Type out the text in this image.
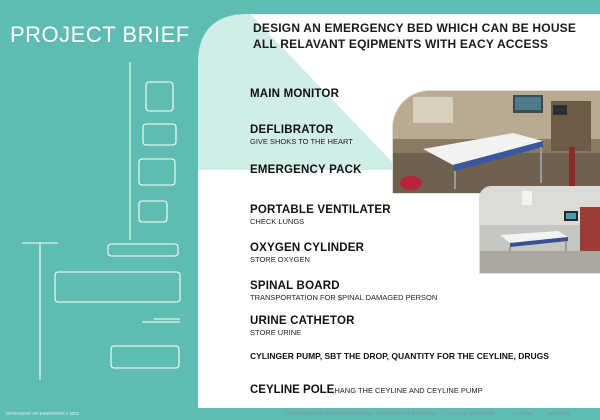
PROJECT BRIEF	DESIGN AN EMERGENCY BED WHICH CAN BE HOUSE
ALL RELAVANT EQIPMENTS WITH EACY ACCESS
MAIN MONITOR
DEFLIBRATOR
GIVE SHOKS TO THE HEART
EMERGENCY PACK
PORTABLE VENTILATER
CHECK LUNGS
OXYGEN CYLINDER
STORE OXYGEN
SPINAL BOARD
TRANSPORTATION FOR $PINAL DAMAGED PERSON
URINE CATHETOR
STORE URINE
CYLINGER PUMP, SBT THE DROP, QUANTITY FOR THE CEYLINE, DRUGS
CEYLINE POLEHANG THE CEYLINE AND CEYLINE PUMP
DESIGNING AN EMERGENCY BED	DEPARTMENT OF INTEGRATED DESIGN UNIVERSITY OF MORATUWA A.A.D.K.S. WIJERATNE	11:22 PM	06/11/2014
